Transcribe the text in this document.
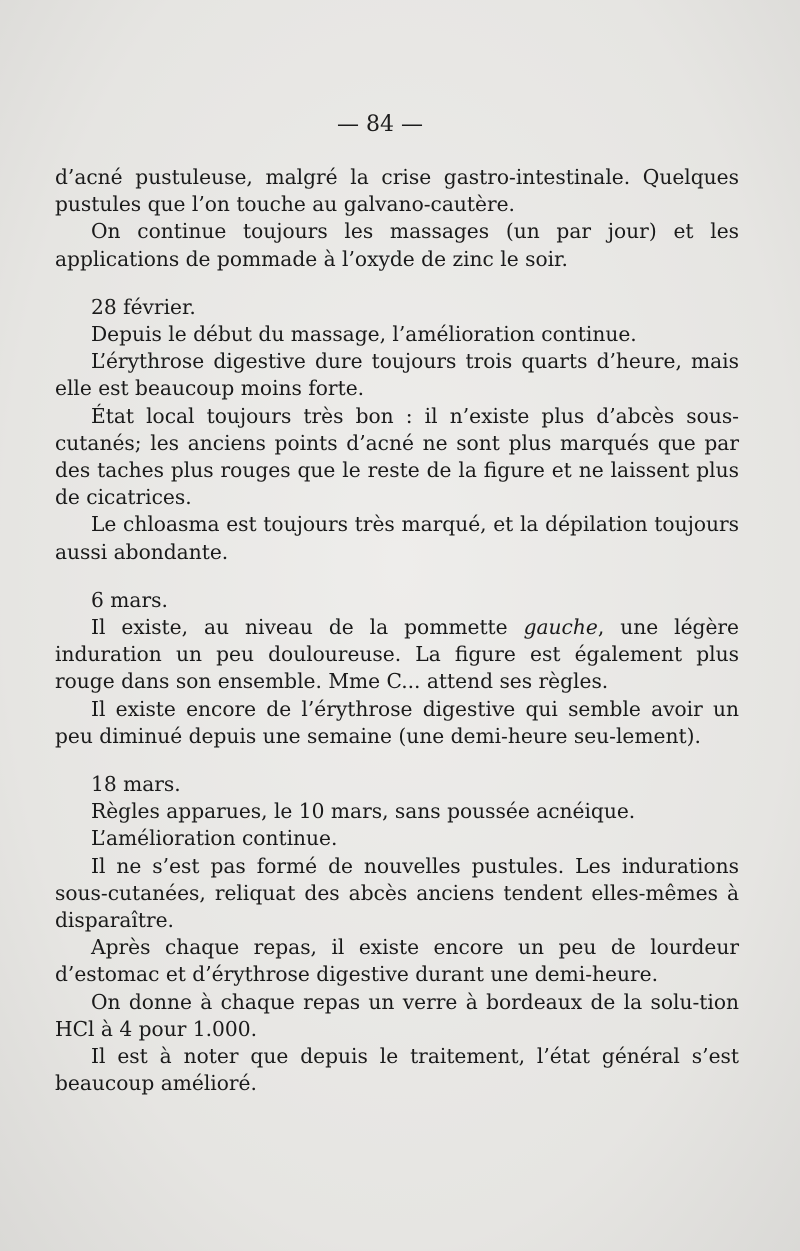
— 84 —

d’acné pustuleuse, malgré la crise gastro-intestinale. Quelques pustules que l’on touche au galvano-cautère.

On continue toujours les massages (un par jour) et les applications de pommade à l’oxyde de zinc le soir.

28 février.

Depuis le début du massage, l’amélioration continue.

L’érythrose digestive dure toujours trois quarts d’heure, mais elle est beaucoup moins forte.

État local toujours très bon : il n’existe plus d’abcès sous-cutanés; les anciens points d’acné ne sont plus marqués que par des taches plus rouges que le reste de la figure et ne laissent plus de cicatrices.

Le chloasma est toujours très marqué, et la dépilation toujours aussi abondante.

6 mars.

Il existe, au niveau de la pommette gauche, une légère induration un peu douloureuse. La figure est également plus rouge dans son ensemble. Mme C... attend ses règles.

Il existe encore de l’érythrose digestive qui semble avoir un peu diminué depuis une semaine (une demi-heure seu-lement).

18 mars.

Règles apparues, le 10 mars, sans poussée acnéique.

L’amélioration continue.

Il ne s’est pas formé de nouvelles pustules. Les indurations sous-cutanées, reliquat des abcès anciens tendent elles-mêmes à disparaître.

Après chaque repas, il existe encore un peu de lourdeur d’estomac et d’érythrose digestive durant une demi-heure.

On donne à chaque repas un verre à bordeaux de la solu-tion HCl à 4 pour 1.000.

Il est à noter que depuis le traitement, l’état général s’est beaucoup amélioré.
